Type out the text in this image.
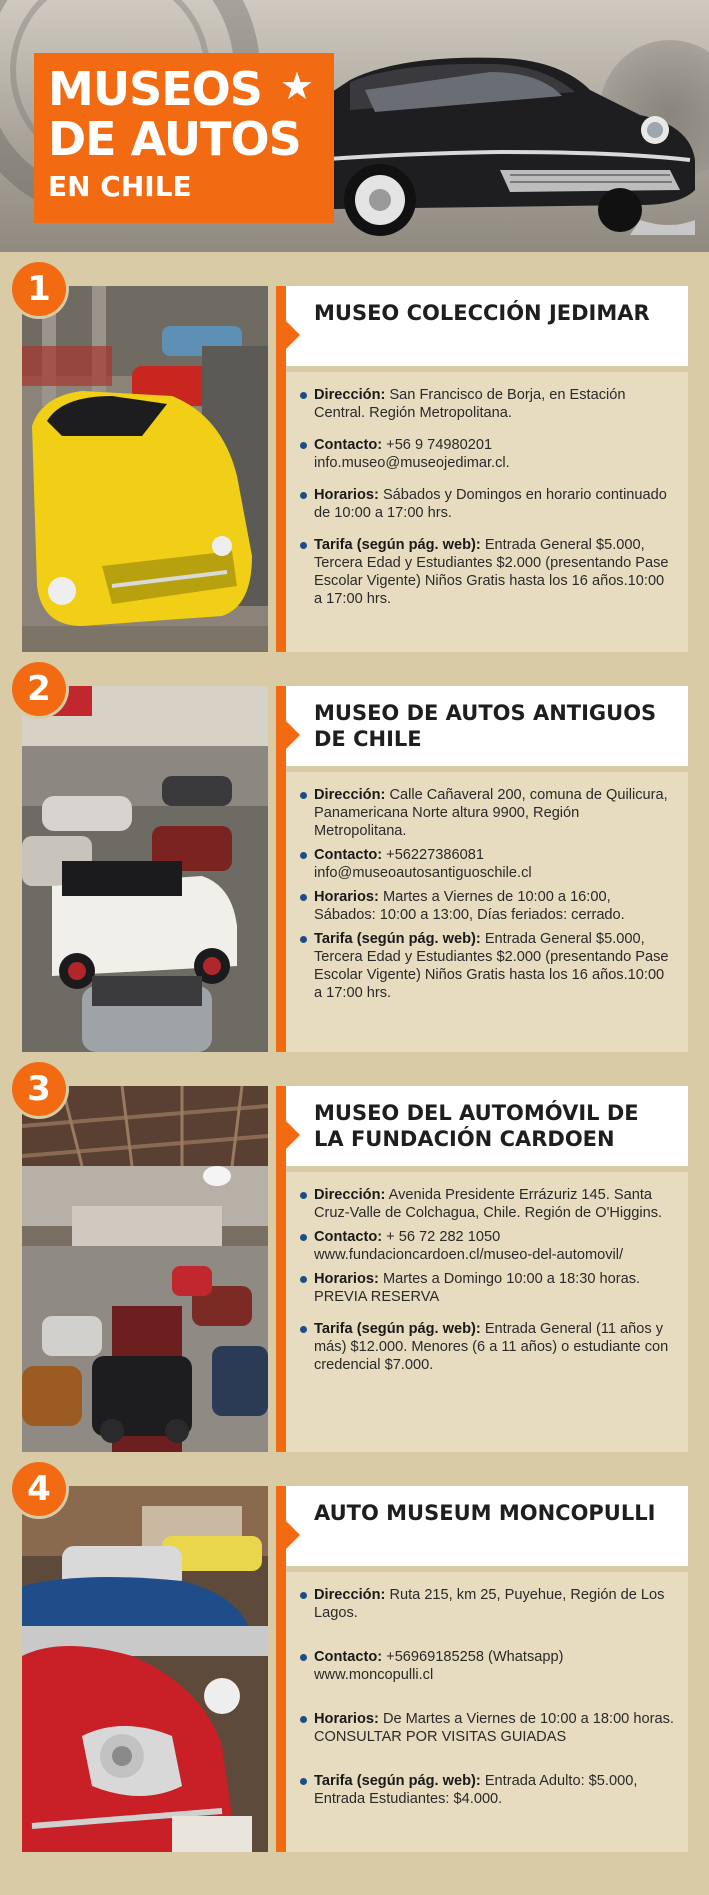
MUSEOS ★
DE AUTOS
EN CHILE
1
MUSEO COLECCIÓN JEDIMAR
Dirección: San Francisco de Borja, en Estación Central. Región Metropolitana.
Contacto: +56 9 74980201 info.museo@museojedimar.cl.
Horarios: Sábados y Domingos en horario continuado de 10:00 a 17:00 hrs.
Tarifa (según pág. web): Entrada General $5.000, Tercera Edad y Estudiantes $2.000 (presentando Pase Escolar Vigente) Niños Gratis hasta los 16 años.10:00 a 17:00 hrs.
2
MUSEO DE AUTOS ANTIGUOS DE CHILE
Dirección: Calle Cañaveral 200, comuna de Quilicura, Panamericana Norte altura 9900, Región Metropolitana.
Contacto: +56227386081 info@museoautosantiguoschile.cl
Horarios: Martes a Viernes de 10:00 a 16:00, Sábados: 10:00 a 13:00, Días feriados: cerrado.
Tarifa (según pág. web): Entrada General $5.000, Tercera Edad y Estudiantes $2.000 (presentando Pase Escolar Vigente) Niños Gratis hasta los 16 años.10:00 a 17:00 hrs.
3
MUSEO DEL AUTOMÓVIL DE LA FUNDACIÓN CARDOEN
Dirección: Avenida Presidente Errázuriz 145. Santa Cruz-Valle de Colchagua, Chile. Región de O'Higgins.
Contacto: + 56 72 282 1050 www.fundacioncardoen.cl/museo-del-automovil/
Horarios: Martes a Domingo 10:00 a 18:30 horas. PREVIA RESERVA
Tarifa (según pág. web): Entrada General (11 años y más) $12.000. Menores (6 a 11 años) o estudiante con credencial $7.000.
4
AUTO MUSEUM MONCOPULLI
Dirección: Ruta 215, km 25, Puyehue, Región de Los Lagos.
Contacto: +56969185258 (Whatsapp) www.moncopulli.cl
Horarios: De Martes a Viernes de 10:00 a 18:00 horas. CONSULTAR POR VISITAS GUIADAS
Tarifa (según pág. web): Entrada Adulto: $5.000, Entrada Estudiantes: $4.000.
